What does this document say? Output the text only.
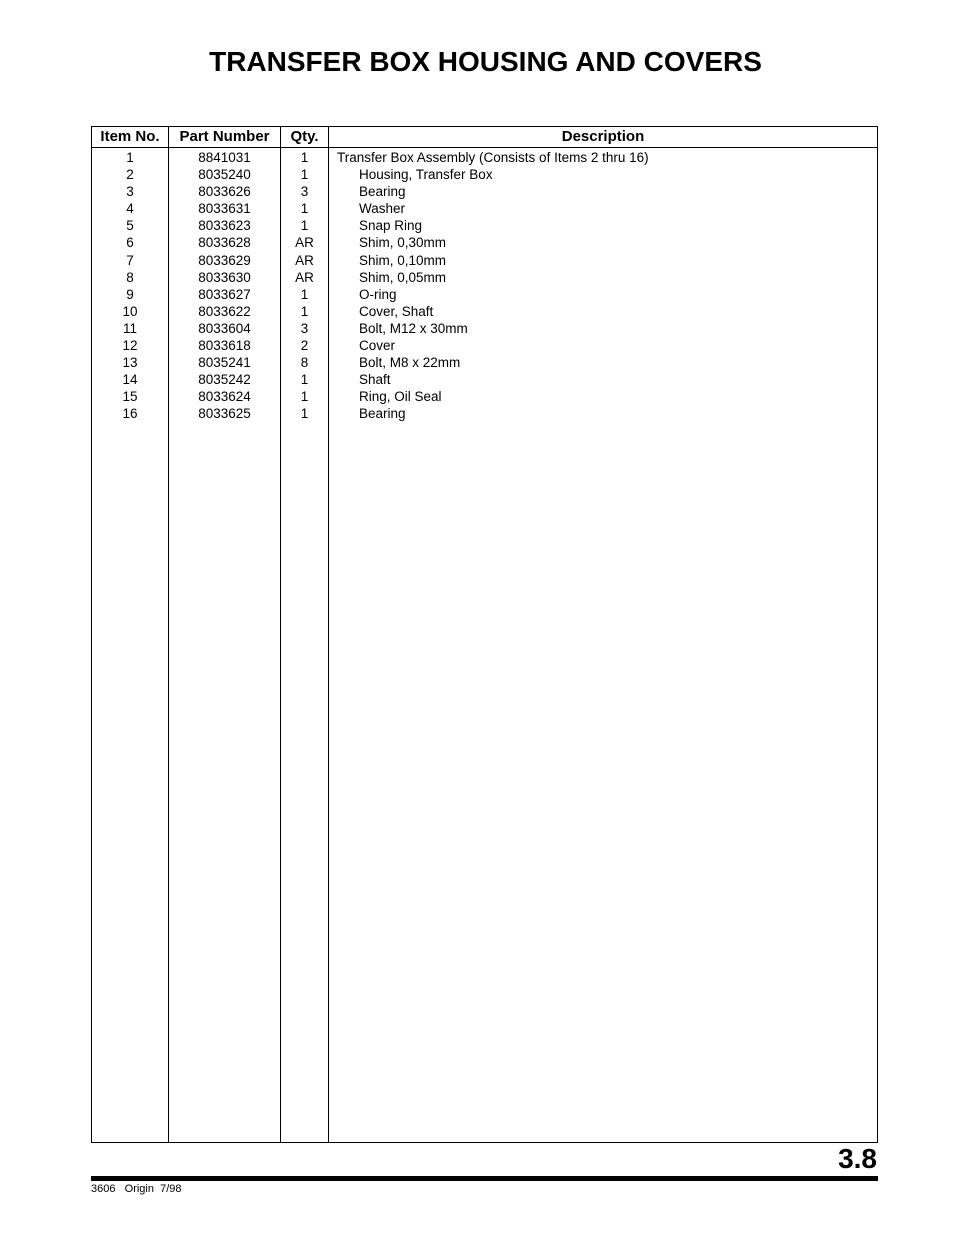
TRANSFER BOX HOUSING AND COVERS
Item No.	Part Number	Qty.	Description
1	8841031	1	Transfer Box Assembly (Consists of Items 2 thru 16)
2	8035240	1	Housing, Transfer Box
3	8033626	3	Bearing
4	8033631	1	Washer
5	8033623	1	Snap Ring
6	8033628	AR	Shim, 0,30mm
7	8033629	AR	Shim, 0,10mm
8	8033630	AR	Shim, 0,05mm
9	8033627	1	O-ring
10	8033622	1	Cover, Shaft
11	8033604	3	Bolt, M12 x 30mm
12	8033618	2	Cover
13	8035241	8	Bolt, M8 x 22mm
14	8035242	1	Shaft
15	8033624	1	Ring, Oil Seal
16	8033625	1	Bearing
3.8
3606   Origin  7/98
